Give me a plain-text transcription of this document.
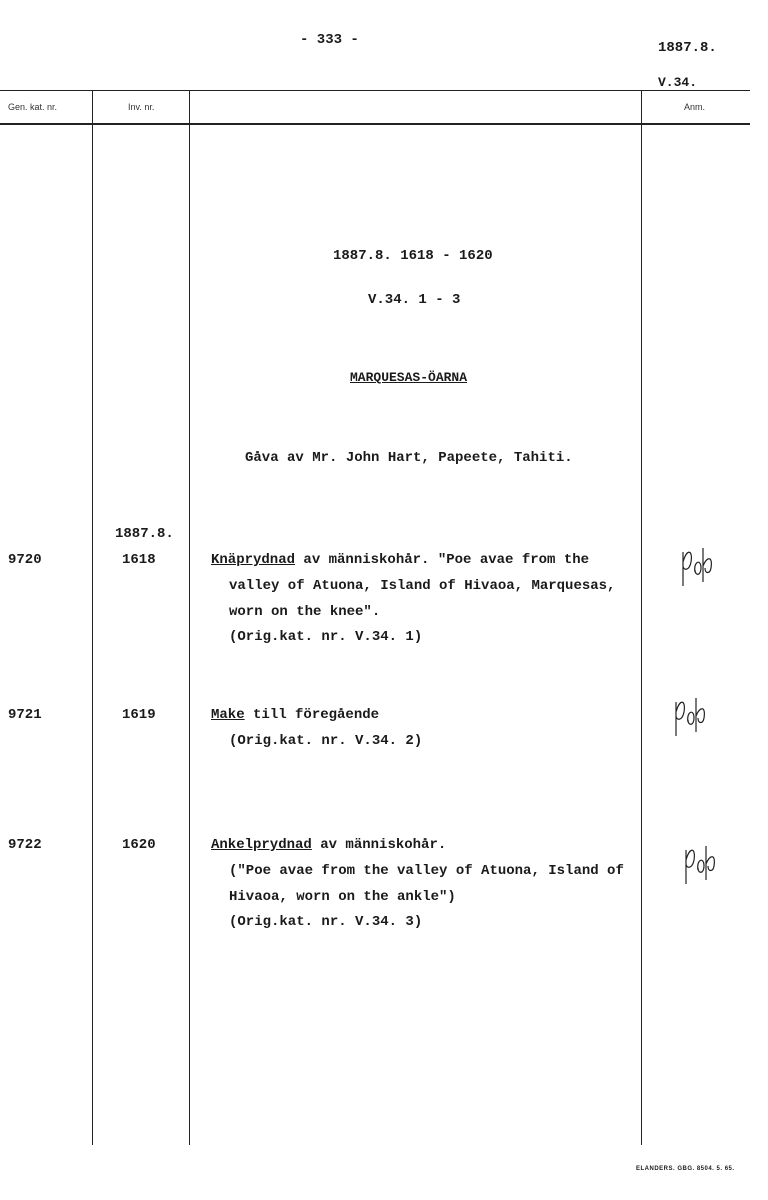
- 333 -	1887.8.
V.34.
Gen. kat. nr.	Inv. nr.	Anm.
1887.8. 1618 - 1620
V.34. 1 - 3
MARQUESAS-ÖARNA
Gåva av Mr. John Hart, Papeete, Tahiti.
1887.8.
9720	1618	Knäprydnad av människohår. "Poe avae from the
valley of Atuona, Island of Hivaoa, Marquesas,
worn on the knee".
(Orig.kat. nr. V.34. 1)
9721	1619	Make till föregående
(Orig.kat. nr. V.34. 2)
9722	1620	Ankelprydnad av människohår.
("Poe avae from the valley of Atuona, Island of
Hivaoa, worn on the ankle")
(Orig.kat. nr. V.34. 3)
ELANDERS. GBG. 8504. 5. 65.
